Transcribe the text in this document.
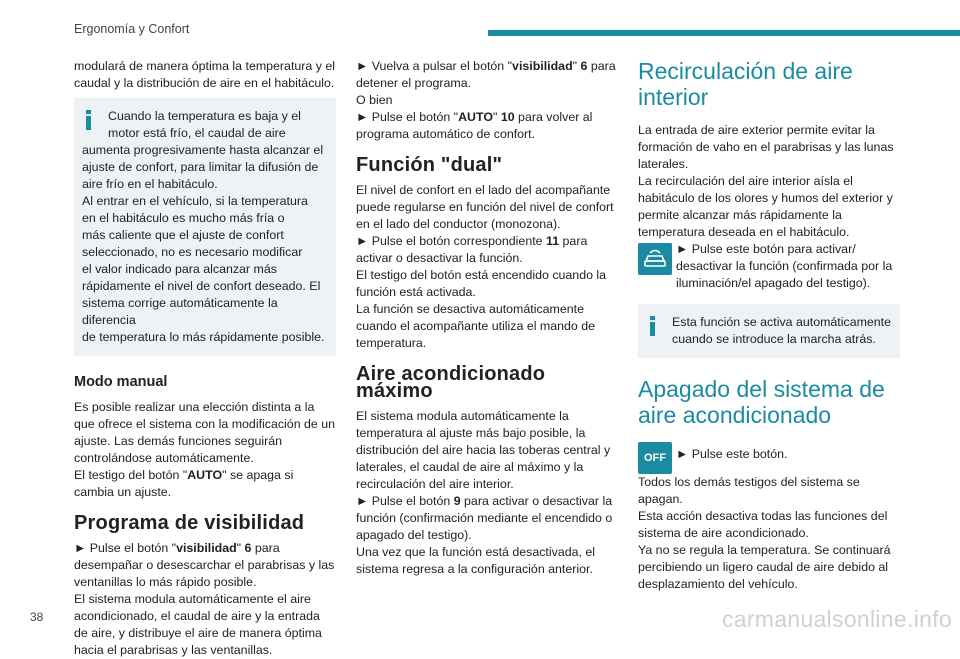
Ergonomía y Confort

modulará de manera óptima la temperatura y el caudal y la distribución de aire en el habitáculo.

Cuando la temperatura es baja y el

motor está frío, el caudal de aire

aumenta progresivamente hasta alcanzar el

ajuste de confort, para limitar la difusión de

aire frío en el habitáculo.

Al entrar en el vehículo, si la temperatura

en el habitáculo es mucho más fría o

más caliente que el ajuste de confort

seleccionado, no es necesario modificar

el valor indicado para alcanzar más

rápidamente el nivel de confort deseado. El

sistema corrige automáticamente la diferencia

de temperatura lo más rápidamente posible.

Modo manual

Es posible realizar una elección distinta a la que ofrece el sistema con la modificación de un ajuste. Las demás funciones seguirán controlándose automáticamente.

El testigo del botón "AUTO" se apaga si cambia un ajuste.

Programa de visibilidad

► Pulse el botón "visibilidad" 6 para desempañar o desescarchar el parabrisas y las ventanillas lo más rápido posible.

El sistema modula automáticamente el aire acondicionado, el caudal de aire y la entrada de aire, y distribuye el aire de manera óptima hacia el parabrisas y las ventanillas.

► Vuelva a pulsar el botón "visibilidad" 6 para detener el programa.

O bien

► Pulse el botón "AUTO" 10 para volver al programa automático de confort.

Función "dual"

El nivel de confort en el lado del acompañante puede regularse en función del nivel de confort en el lado del conductor (monozona).

► Pulse el botón correspondiente 11 para activar o desactivar la función.

El testigo del botón está encendido cuando la función está activada.

La función se desactiva automáticamente cuando el acompañante utiliza el mando de temperatura.

Aire acondicionado máximo

El sistema modula automáticamente la temperatura al ajuste más bajo posible, la distribución del aire hacia las toberas central y laterales, el caudal de aire al máximo y la recirculación del aire interior.

► Pulse el botón 9 para activar o desactivar la función (confirmación mediante el encendido o apagado del testigo).

Una vez que la función está desactivada, el sistema regresa a la configuración anterior.

Recirculación de aire interior

La entrada de aire exterior permite evitar la formación de vaho en el parabrisas y las lunas laterales.

La recirculación del aire interior aísla el habitáculo de los olores y humos del exterior y permite alcanzar más rápidamente la temperatura deseada en el habitáculo.

► Pulse este botón para activar/ desactivar la función (confirmada por la iluminación/el apagado del testigo).

Esta función se activa automáticamente cuando se introduce la marcha atrás.

Apagado del sistema de aire acondicionado
OFF ► Pulse este botón.

Todos los demás testigos del sistema se apagan.

Esta acción desactiva todas las funciones del sistema de aire acondicionado.

Ya no se regula la temperatura. Se continuará percibiendo un ligero caudal de aire debido al desplazamiento del vehículo.

38	carmanualsonline.info
